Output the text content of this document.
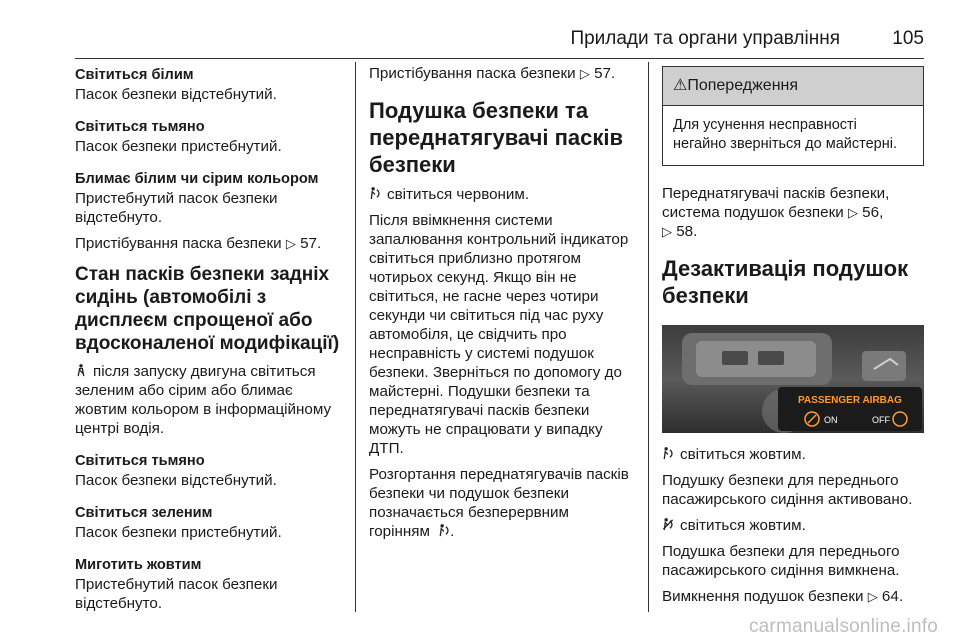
Прилади та органи управління	105

Світиться білим

Пасок безпеки відстебнутий.

Світиться тьмяно

Пасок безпеки пристебнутий.

Блимає білим чи сірим кольором

Пристебнутий пасок безпеки відстебнуто.

Пристібування паска безпеки ▷ 57.

Стан пасків безпеки задніх сидінь (автомобілі з дисплеєм спрощеної або вдосконаленої модифікації)

після запуску двигуна світиться зеленим або сірим або блимає жовтим кольором в інформаційному центрі водія.

Світиться тьмяно

Пасок безпеки відстебнутий.

Світиться зеленим

Пасок безпеки пристебнутий.

Миготить жовтим

Пристебнутий пасок безпеки відстебнуто.

Пристібування паска безпеки ▷ 57.

Подушка безпеки та переднатягувачі пасків безпеки

світиться червоним.

Після ввімкнення системи запалювання контрольний індикатор світиться приблизно протягом чотирьох секунд. Якщо він не світиться, не гасне через чотири секунди чи світиться під час руху автомобіля, це свідчить про несправність у системі подушок безпеки. Зверніться по допомогу до майстерні. Подушки безпеки та переднатягувачі пасків безпеки можуть не спрацювати у випадку ДТП.

Розгортання переднатягувачів пасків безпеки чи подушок безпеки позначається безперервним горінням .

⚠Попередження
Для усунення несправності негайно зверніться до майстерні.

Переднатягувачі пасків безпеки, система подушок безпеки ▷ 56,
▷ 58.

Дезактивація подушок безпеки
PASSENGER AIRBAG
ON	OFF

світиться жовтим.

Подушку безпеки для переднього пасажирського сидіння активовано.

світиться жовтим.

Подушка безпеки для переднього пасажирського сидіння вимкнена.

Вимкнення подушок безпеки ▷ 64.

carmanualsonline.info
